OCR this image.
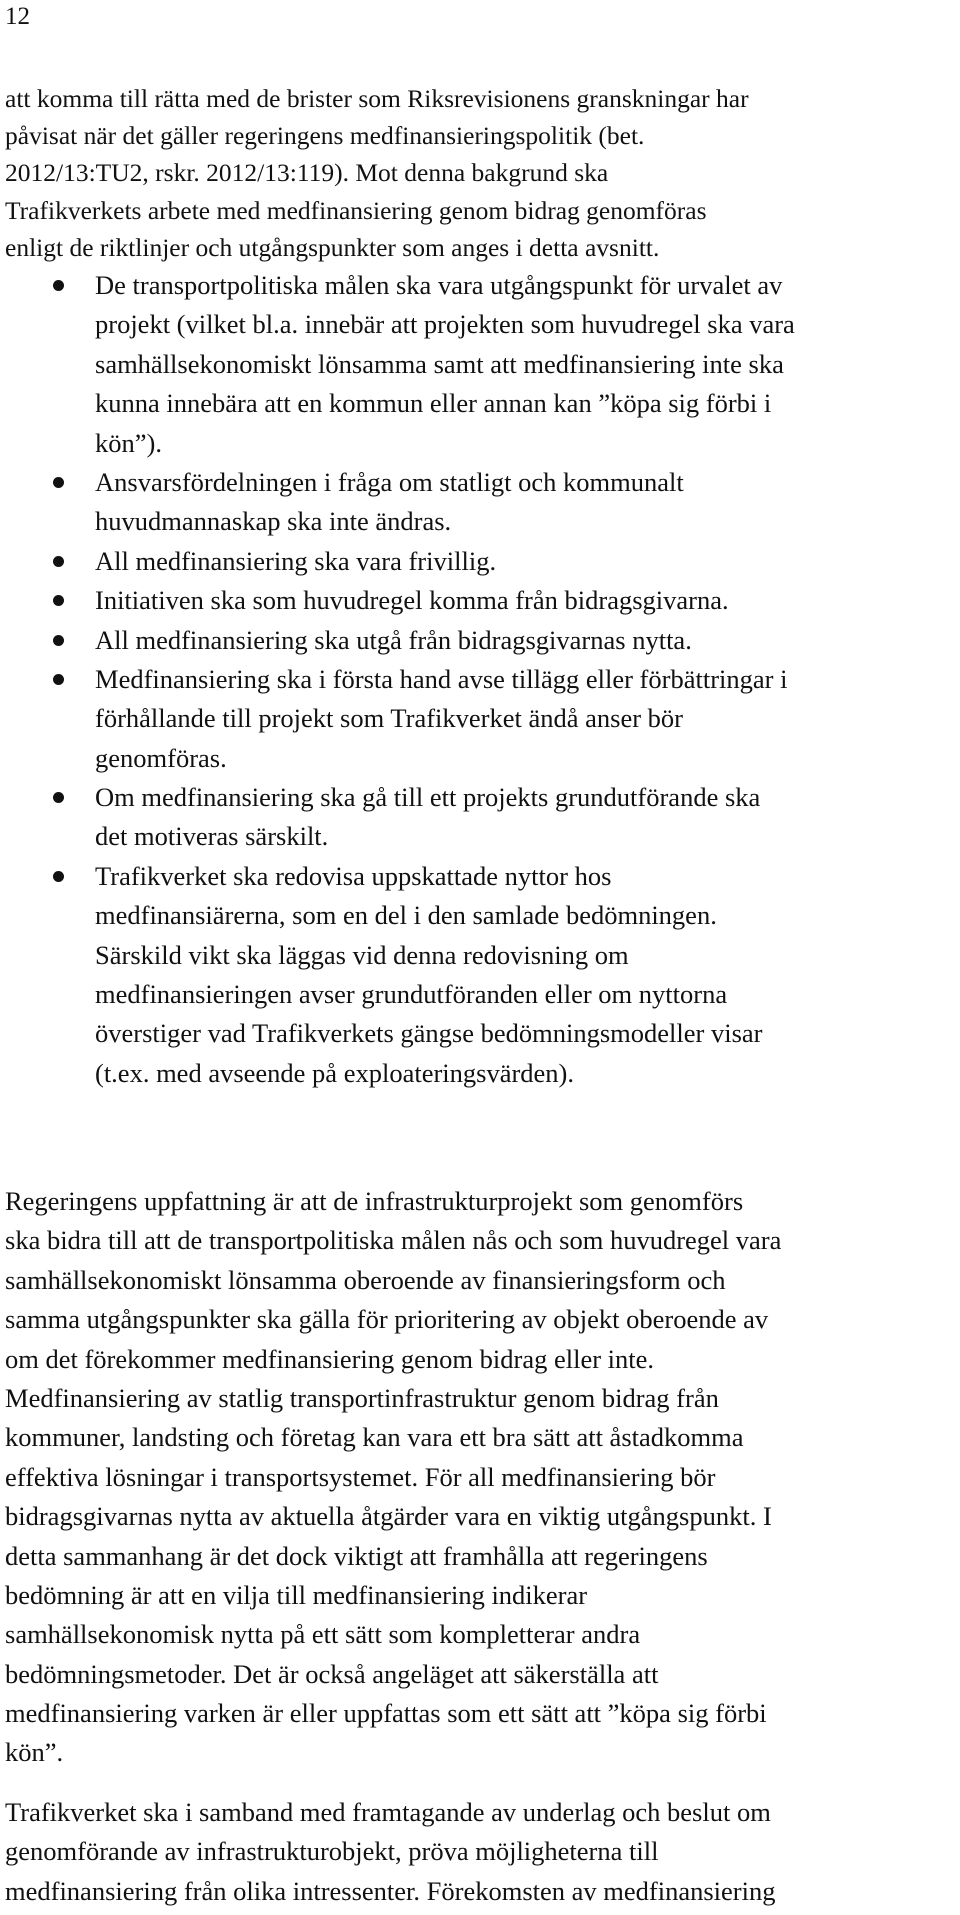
12
att komma till rätta med de brister som Riksrevisionens granskningar har
påvisat när det gäller regeringens medfinansieringspolitik (bet.
2012/13:TU2, rskr. 2012/13:119). Mot denna bakgrund ska
Trafikverkets arbete med medfinansiering genom bidrag genomföras
enligt de riktlinjer och utgångspunkter som anges i detta avsnitt.
De transportpolitiska målen ska vara utgångspunkt för urvalet av
projekt (vilket bl.a. innebär att projekten som huvudregel ska vara
samhällsekonomiskt lönsamma samt att medfinansiering inte ska
kunna innebära att en kommun eller annan kan ”köpa sig förbi i
kön”).
Ansvarsfördelningen i fråga om statligt och kommunalt
huvudmannaskap ska inte ändras.
All medfinansiering ska vara frivillig.
Initiativen ska som huvudregel komma från bidragsgivarna.
All medfinansiering ska utgå från bidragsgivarnas nytta.
Medfinansiering ska i första hand avse tillägg eller förbättringar i
förhållande till projekt som Trafikverket ändå anser bör
genomföras.
Om medfinansiering ska gå till ett projekts grundutförande ska
det motiveras särskilt.
Trafikverket ska redovisa uppskattade nyttor hos
medfinansiärerna, som en del i den samlade bedömningen.
Särskild vikt ska läggas vid denna redovisning om
medfinansieringen avser grundutföranden eller om nyttorna
överstiger vad Trafikverkets gängse bedömningsmodeller visar
(t.ex. med avseende på exploateringsvärden).
Regeringens uppfattning är att de infrastrukturprojekt som genomförs
ska bidra till att de transportpolitiska målen nås och som huvudregel vara
samhällsekonomiskt lönsamma oberoende av finansieringsform och
samma utgångspunkter ska gälla för prioritering av objekt oberoende av
om det förekommer medfinansiering genom bidrag eller inte.
Medfinansiering av statlig transportinfrastruktur genom bidrag från
kommuner, landsting och företag kan vara ett bra sätt att åstadkomma
effektiva lösningar i transportsystemet. För all medfinansiering bör
bidragsgivarnas nytta av aktuella åtgärder vara en viktig utgångspunkt. I
detta sammanhang är det dock viktigt att framhålla att regeringens
bedömning är att en vilja till medfinansiering indikerar
samhällsekonomisk nytta på ett sätt som kompletterar andra
bedömningsmetoder. Det är också angeläget att säkerställa att
medfinansiering varken är eller uppfattas som ett sätt att ”köpa sig förbi
kön”.
Trafikverket ska i samband med framtagande av underlag och beslut om
genomförande av infrastrukturobjekt, pröva möjligheterna till
medfinansiering från olika intressenter. Förekomsten av medfinansiering
